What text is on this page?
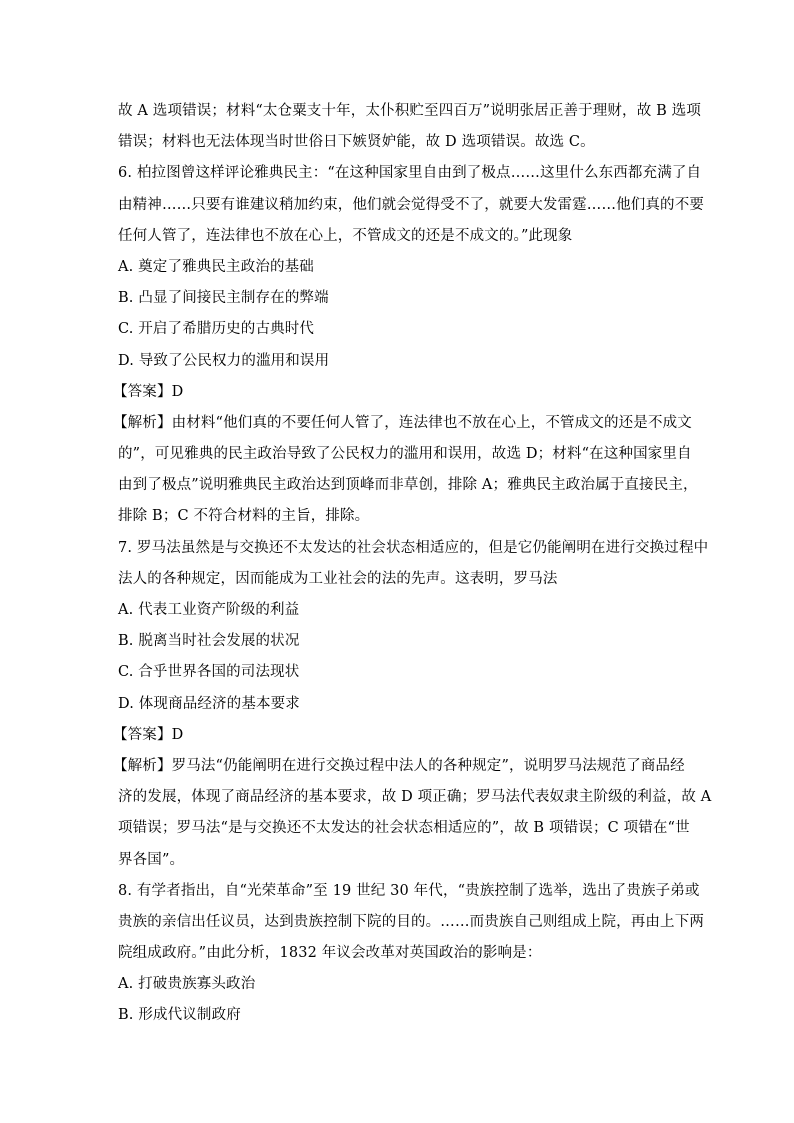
故 A 选项错误；材料“太仓粟支十年，太仆积贮至四百万”说明张居正善于理财，故 B 选项
错误；材料也无法体现当时世俗日下嫉贤妒能，故 D 选项错误。故选 C。
6. 柏拉图曾这样评论雅典民主：“在这种国家里自由到了极点……这里什么东西都充满了自
由精神……只要有谁建议稍加约束，他们就会觉得受不了，就要大发雷霆……他们真的不要
任何人管了，连法律也不放在心上，不管成文的还是不成文的。”此现象
A. 奠定了雅典民主政治的基础
B. 凸显了间接民主制存在的弊端
C. 开启了希腊历史的古典时代
D. 导致了公民权力的滥用和误用
【答案】D
【解析】由材料“他们真的不要任何人管了，连法律也不放在心上，不管成文的还是不成文
的”，可见雅典的民主政治导致了公民权力的滥用和误用，故选 D；材料“在这种国家里自
由到了极点”说明雅典民主政治达到顶峰而非草创，排除 A；雅典民主政治属于直接民主，
排除 B；C 不符合材料的主旨，排除。
7. 罗马法虽然是与交换还不太发达的社会状态相适应的，但是它仍能阐明在进行交换过程中
法人的各种规定，因而能成为工业社会的法的先声。这表明，罗马法
A. 代表工业资产阶级的利益
B. 脱离当时社会发展的状况
C. 合乎世界各国的司法现状
D. 体现商品经济的基本要求
【答案】D
【解析】罗马法“仍能阐明在进行交换过程中法人的各种规定”，说明罗马法规范了商品经
济的发展，体现了商品经济的基本要求，故 D 项正确；罗马法代表奴隶主阶级的利益，故 A
项错误；罗马法“是与交换还不太发达的社会状态相适应的”，故 B 项错误；C 项错在“世
界各国”。
8. 有学者指出，自“光荣革命”至 19 世纪 30 年代，“贵族控制了选举，选出了贵族子弟或
贵族的亲信出任议员，达到贵族控制下院的目的。……而贵族自己则组成上院，再由上下两
院组成政府。”由此分析，1832 年议会改革对英国政治的影响是：
A. 打破贵族寡头政治
B. 形成代议制政府
